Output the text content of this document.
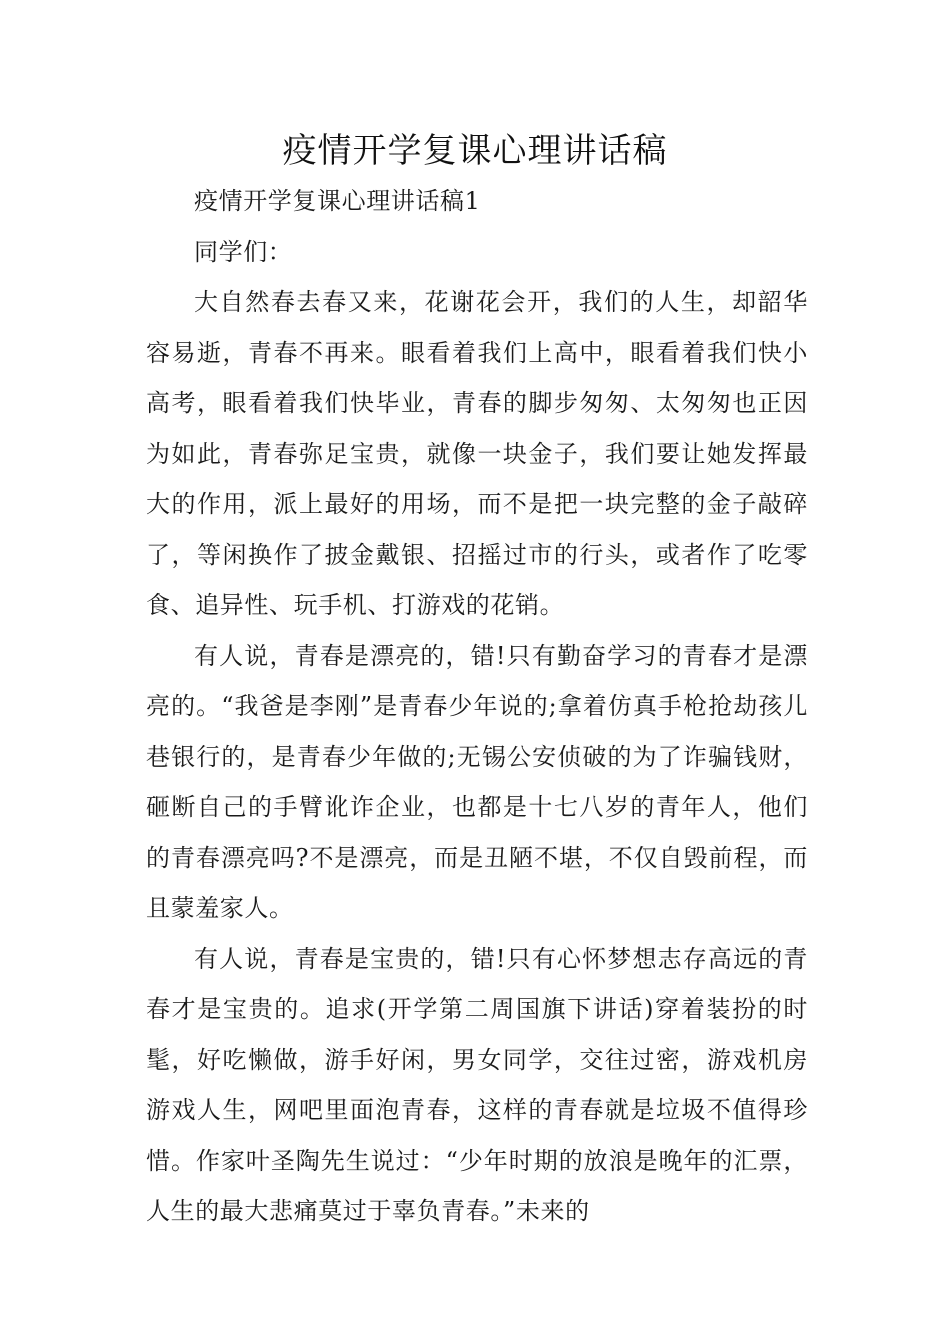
疫情开学复课心理讲话稿

疫情开学复课心理讲话稿1

同学们：

大自然春去春又来，花谢花会开，我们的人生，却韶华容易逝，青春不再来。眼看着我们上高中，眼看着我们快小高考，眼看着我们快毕业，青春的脚步匆匆、太匆匆也正因为如此，青春弥足宝贵，就像一块金子，我们要让她发挥最大的作用，派上最好的用场，而不是把一块完整的金子敲碎了，等闲换作了披金戴银、招摇过市的行头，或者作了吃零食、追异性、玩手机、打游戏的花销。

有人说，青春是漂亮的，错!只有勤奋学习的青春才是漂亮的。“我爸是李刚”是青春少年说的;拿着仿真手枪抢劫孩儿巷银行的，是青春少年做的;无锡公安侦破的为了诈骗钱财，砸断自己的手臂讹诈企业，也都是十七八岁的青年人，他们的青春漂亮吗?不是漂亮，而是丑陋不堪，不仅自毁前程，而且蒙羞家人。

有人说，青春是宝贵的，错!只有心怀梦想志存高远的青春才是宝贵的。追求(开学第二周国旗下讲话)穿着装扮的时髦，好吃懒做，游手好闲，男女同学，交往过密，游戏机房游戏人生，网吧里面泡青春，这样的青春就是垃圾不值得珍惜。作家叶圣陶先生说过：“少年时期的放浪是晚年的汇票，人生的最大悲痛莫过于辜负青春。”未来的
